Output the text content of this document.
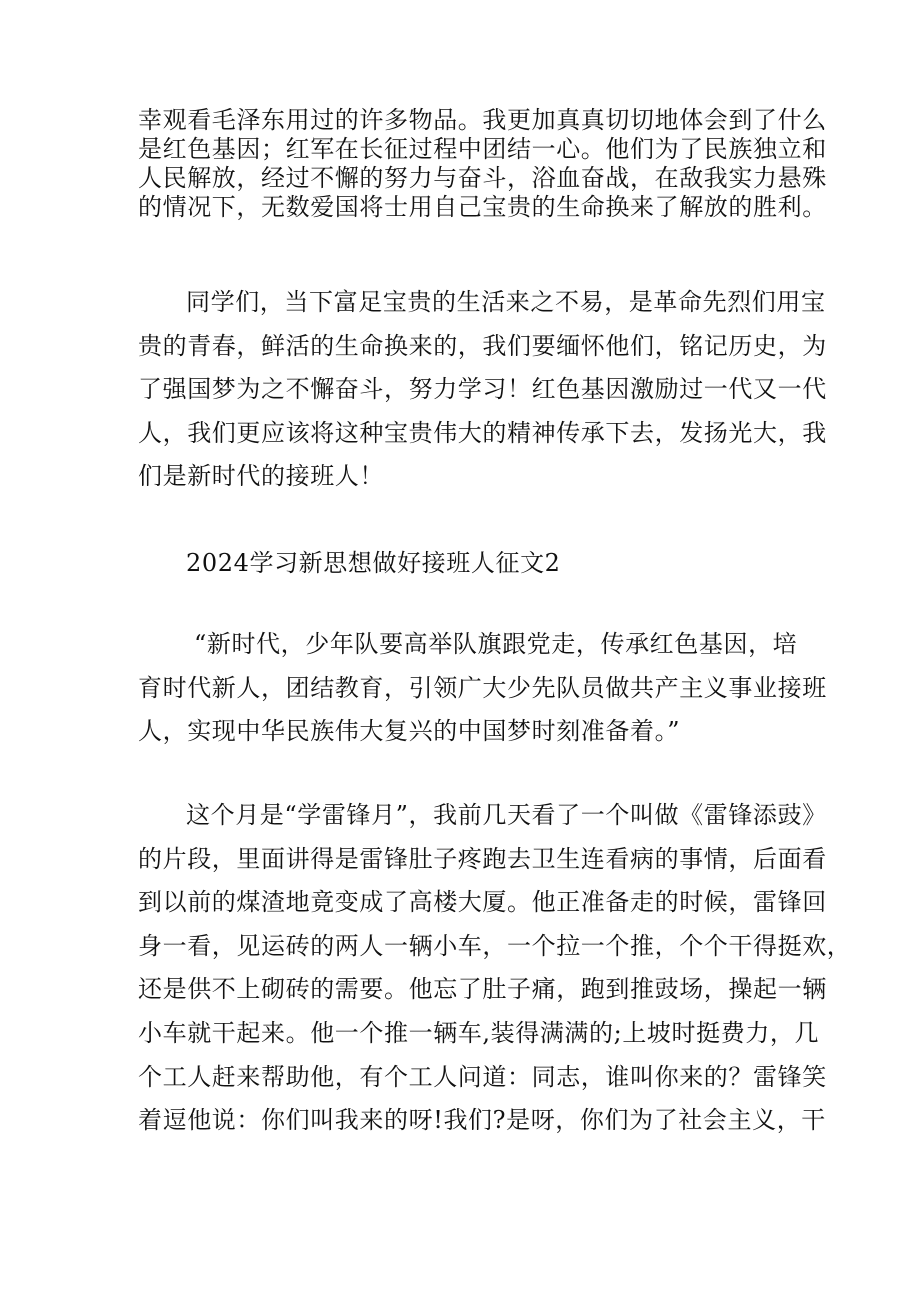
幸观看毛泽东用过的许多物品。我更加真真切切地体会到了什么
是红色基因；红军在长征过程中团结一心。他们为了民族独立和
人民解放，经过不懈的努力与奋斗，浴血奋战，在敌我实力悬殊
的情况下，无数爱国将士用自己宝贵的生命换来了解放的胜利。
同学们，当下富足宝贵的生活来之不易，是革命先烈们用宝
贵的青春，鲜活的生命换来的，我们要缅怀他们，铭记历史，为
了强国梦为之不懈奋斗，努力学习！红色基因激励过一代又一代
人，我们更应该将这种宝贵伟大的精神传承下去，发扬光大，我
们是新时代的接班人！
2024学习新思想做好接班人征文2
“新时代，少年队要高举队旗跟党走，传承红色基因，培
育时代新人，团结教育，引领广大少先队员做共产主义事业接班
人，实现中华民族伟大复兴的中国梦时刻准备着。”
这个月是“学雷锋月”，我前几天看了一个叫做《雷锋添豉》
的片段，里面讲得是雷锋肚子疼跑去卫生连看病的事情，后面看
到以前的煤渣地竟变成了高楼大厦。他正准备走的时候，雷锋回
身一看，见运砖的两人一辆小车，一个拉一个推，个个干得挺欢，
还是供不上砌砖的需要。他忘了肚子痛，跑到推豉场，操起一辆
小车就干起来。他一个推一辆车,装得满满的;上坡时挺费力，几
个工人赶来帮助他，有个工人问道：同志，谁叫你来的？雷锋笑
着逗他说：你们叫我来的呀!我们?是呀，你们为了社会主义，干
